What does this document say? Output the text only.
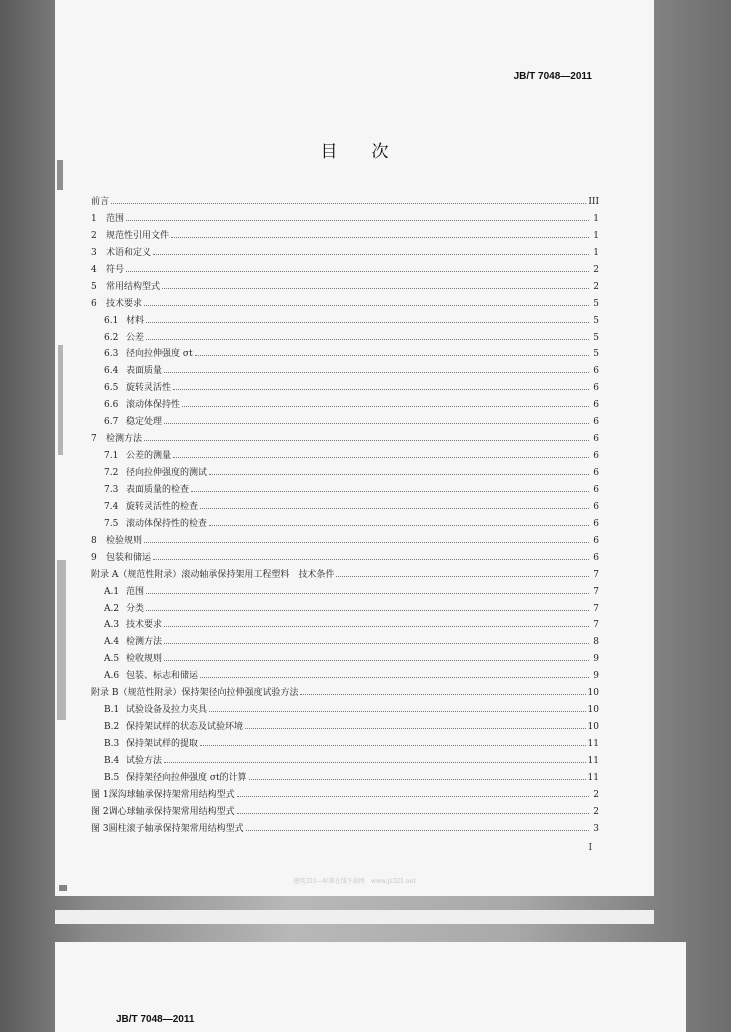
JB/T 7048—2011
目次
前言	III
1	范围	1
2	规范性引用文件	1
3	术语和定义	1
4	符号	2
5	常用结构型式	2
6	技术要求	5
6.1 材料	5
6.2 公差	5
6.3 径向拉伸强度 σt	5
6.4 表面质量	6
6.5 旋转灵活性	6
6.6 滚动体保持性	6
6.7 稳定处理	6
7	检测方法	6
7.1 公差的测量	6
7.2 径向拉伸强度的测试	6
7.3 表面质量的检查	6
7.4 旋转灵活性的检查	6
7.5 滚动体保持性的检查	6
8	检验规则	6
9	包装和储运	6
附录 A（规范性附录）滚动轴承保持架用工程塑料　技术条件	7
A.1 范围	7
A.2 分类	7
A.3 技术要求	7
A.4 检测方法	8
A.5 检收规则	9
A.6 包装、标志和储运	9
附录 B（规范性附录）保持架径向拉伸强度试验方法	10
B.1 试验设备及拉力夹具	10
B.2 保持架试样的状态及试验环境	10
B.3 保持架试样的提取	11
B.4 试验方法	11
B.5 保持架径向拉伸强度 σt的计算	11
图 1 深沟球轴承保持架常用结构型式	2
图 2 调心球轴承保持架常用结构型式	2
图 3 圆柱滚子轴承保持架常用结构型式	3
I
建筑321—标准在线下载网　www.jz321.net
JB/T 7048—2011
